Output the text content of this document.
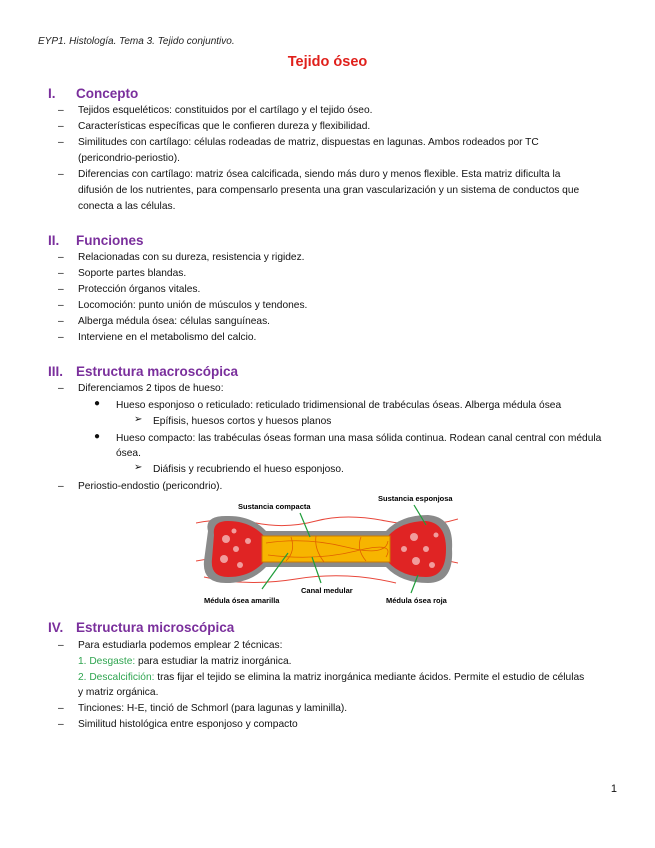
EYP1. Histología. Tema 3. Tejido conjuntivo.
Tejido óseo
I. Concepto
– Tejidos esqueléticos: constituidos por el cartílago y el tejido óseo.
– Características específicas que le confieren dureza y flexibilidad.
– Similitudes con cartílago: células rodeadas de matriz, dispuestas en lagunas. Ambos rodeados por TC
(pericondrio-periostio).
– Diferencias con cartílago: matriz ósea calcificada, siendo más duro y menos flexible. Esta matriz dificulta la
difusión de los nutrientes, para compensarlo presenta una gran vascularización y un sistema de conductos que
conecta a las células.
II. Funciones
– Relacionadas con su dureza, resistencia y rigidez.
– Soporte partes blandas.
– Protección órganos vitales.
– Locomoción: punto unión de músculos y tendones.
– Alberga médula ósea: células sanguíneas.
– Interviene en el metabolismo del calcio.
III. Estructura macroscópica
– Diferenciamos 2 tipos de hueso:
● Hueso esponjoso o reticulado: reticulado tridimensional de trabéculas óseas. Alberga médula ósea
➢ Epífisis, huesos cortos y huesos planos
● Hueso compacto: las trabéculas óseas forman una masa sólida continua. Rodean canal central con médula
ósea.
➢ Diáfisis y recubriendo el hueso esponjoso.
– Periostio-endostio (pericondrio).
Sustancia compacta
Sustancia esponjosa
Médula ósea amarilla
Canal medular
Médula ósea roja
IV. Estructura microscópica
– Para estudiarla podemos emplear 2 técnicas:
1. Desgaste: para estudiar la matriz inorgánica.
2. Descalcifición: tras fijar el tejido se elimina la matriz inorgánica mediante ácidos. Permite el estudio de células
y matriz orgánica.
– Tinciones: H-E, tinció de Schmorl (para lagunas y laminilla).
– Similitud histológica entre esponjoso y compacto
1
